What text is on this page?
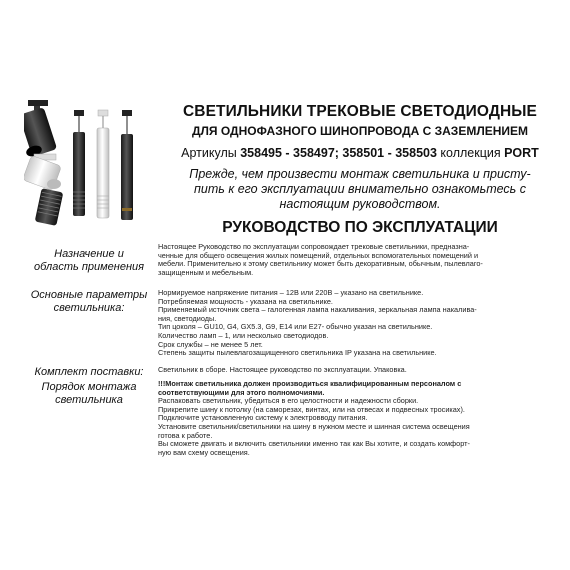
СВЕТИЛЬНИКИ ТРЕКОВЫЕ СВЕТОДИОДНЫЕ
ДЛЯ ОДНОФАЗНОГО ШИНОПРОВОДА С ЗАЗЕМЛЕНИЕМ
Артикулы 358495 - 358497; 358501 - 358503 коллекция PORT
Прежде, чем произвести монтаж светильника и присту-
пить к его эксплуатации внимательно ознакомьтесь с
настоящим руководством.
РУКОВОДСТВО ПО ЭКСПЛУАТАЦИИ
Назначение и
область применения
Основные параметры
светильника:
Комплект поставки:
Порядок монтажа
светильника
Настоящее Руководство по эксплуатации сопровождает трековые светильники, предназна-
ченные для общего освещения жилых помещений, отдельных вспомогательных помещений и
мебели. Применительно к этому светильнику может быть декоративным, обычным, пылевлаго-
защищенным и мебельным.
Нормируемое напряжение питания – 12В или 220В – указано на светильнике.
Потребляемая мощность - указана на светильнике.
Применяемый источник света – галогенная лампа накаливания, зеркальная лампа накалива-
ния, светодиоды.
Тип цоколя – GU10, G4, GX5.3, G9, E14 или E27- обычно указан на светильнике.
Количество ламп – 1, или несколько светодиодов.
Срок службы – не менее 5 лет.
Степень защиты пылевлагозащищенного светильника IP указана на светильнике.
Светильник в сборе. Настоящее руководство по эксплуатации. Упаковка.
!!!Монтаж светильника должен производиться квалифицированным персоналом с
соответствующими для этого полномочиями.
Распаковать светильник, убедиться в его целостности и надежности сборки.
Прикрепите шину к потолку (на саморезах, винтах, или на отвесах и подвесных тросиках).
Подключите установленную систему к электровводу питания.
Установите светильник/светильники на шину в нужном месте и шинная система освещения
готова к работе.
Вы сможете двигать и включить светильники именно так как Вы хотите, и создать комфорт-
ную вам схему освещения.
